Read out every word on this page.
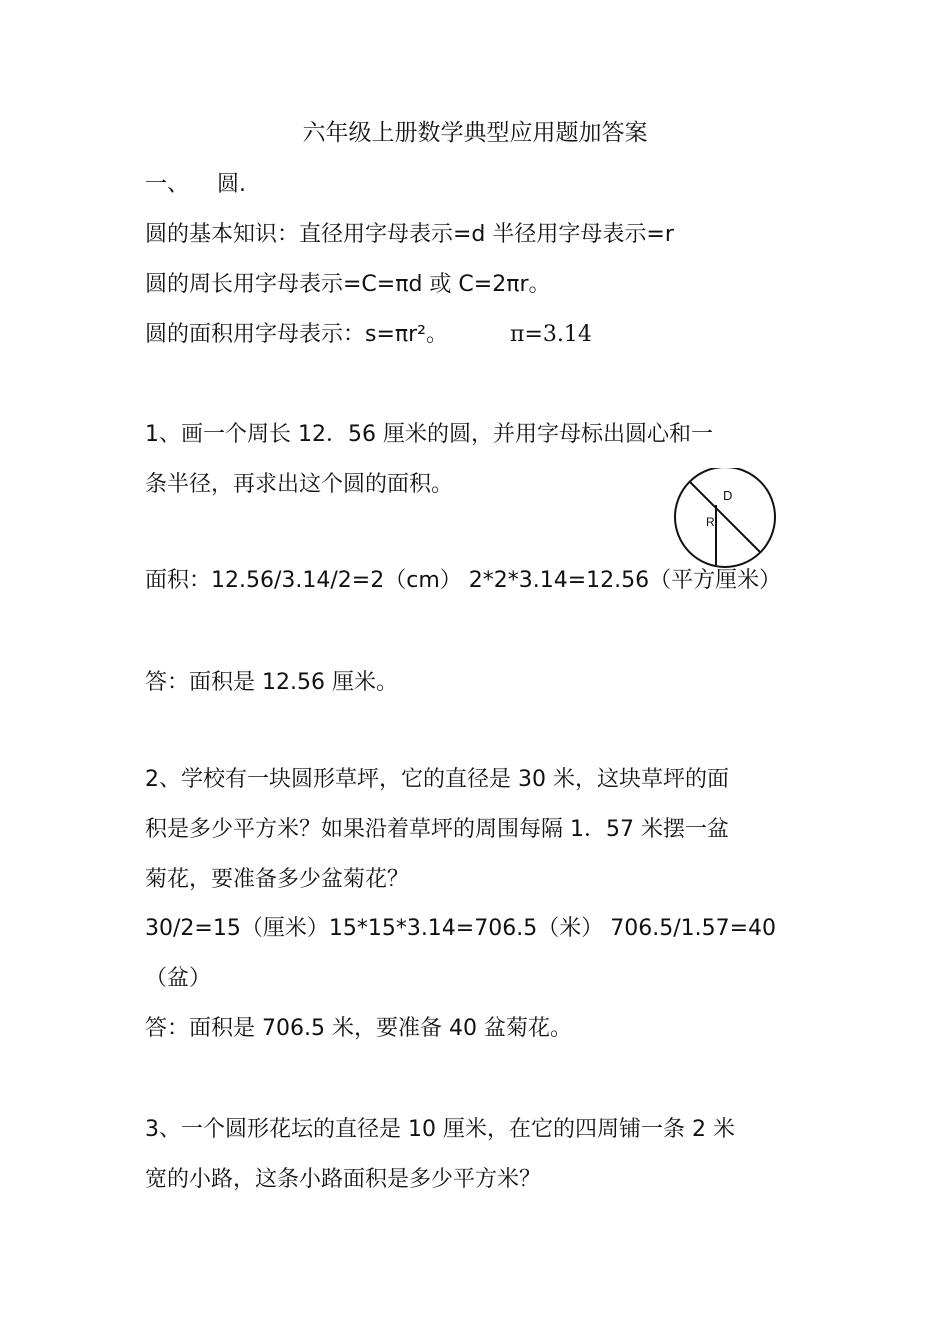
六年级上册数学典型应用题加答案
一、 圆.
圆的基本知识：直径用字母表示=d 半径用字母表示=r
圆的周长用字母表示=C=πd 或 C=2πr。
圆的面积用字母表示：s=πr²。	π=3.14
1、画一个周长 12．56 厘米的圆，并用字母标出圆心和一
条半径，再求出这个圆的面积。	D
R
面积：12.56/3.14/2=2（cm） 2*2*3.14=12.56（平方厘米）
答：面积是 12.56 厘米。
2、学校有一块圆形草坪，它的直径是 30 米，这块草坪的面
积是多少平方米？如果沿着草坪的周围每隔 1．57 米摆一盆
菊花，要准备多少盆菊花？
30/2=15（厘米）15*15*3.14=706.5（米） 706.5/1.57=40
（盆）
答：面积是 706.5 米，要准备 40 盆菊花。
3、一个圆形花坛的直径是 10 厘米，在它的四周铺一条 2 米
宽的小路，这条小路面积是多少平方米？
